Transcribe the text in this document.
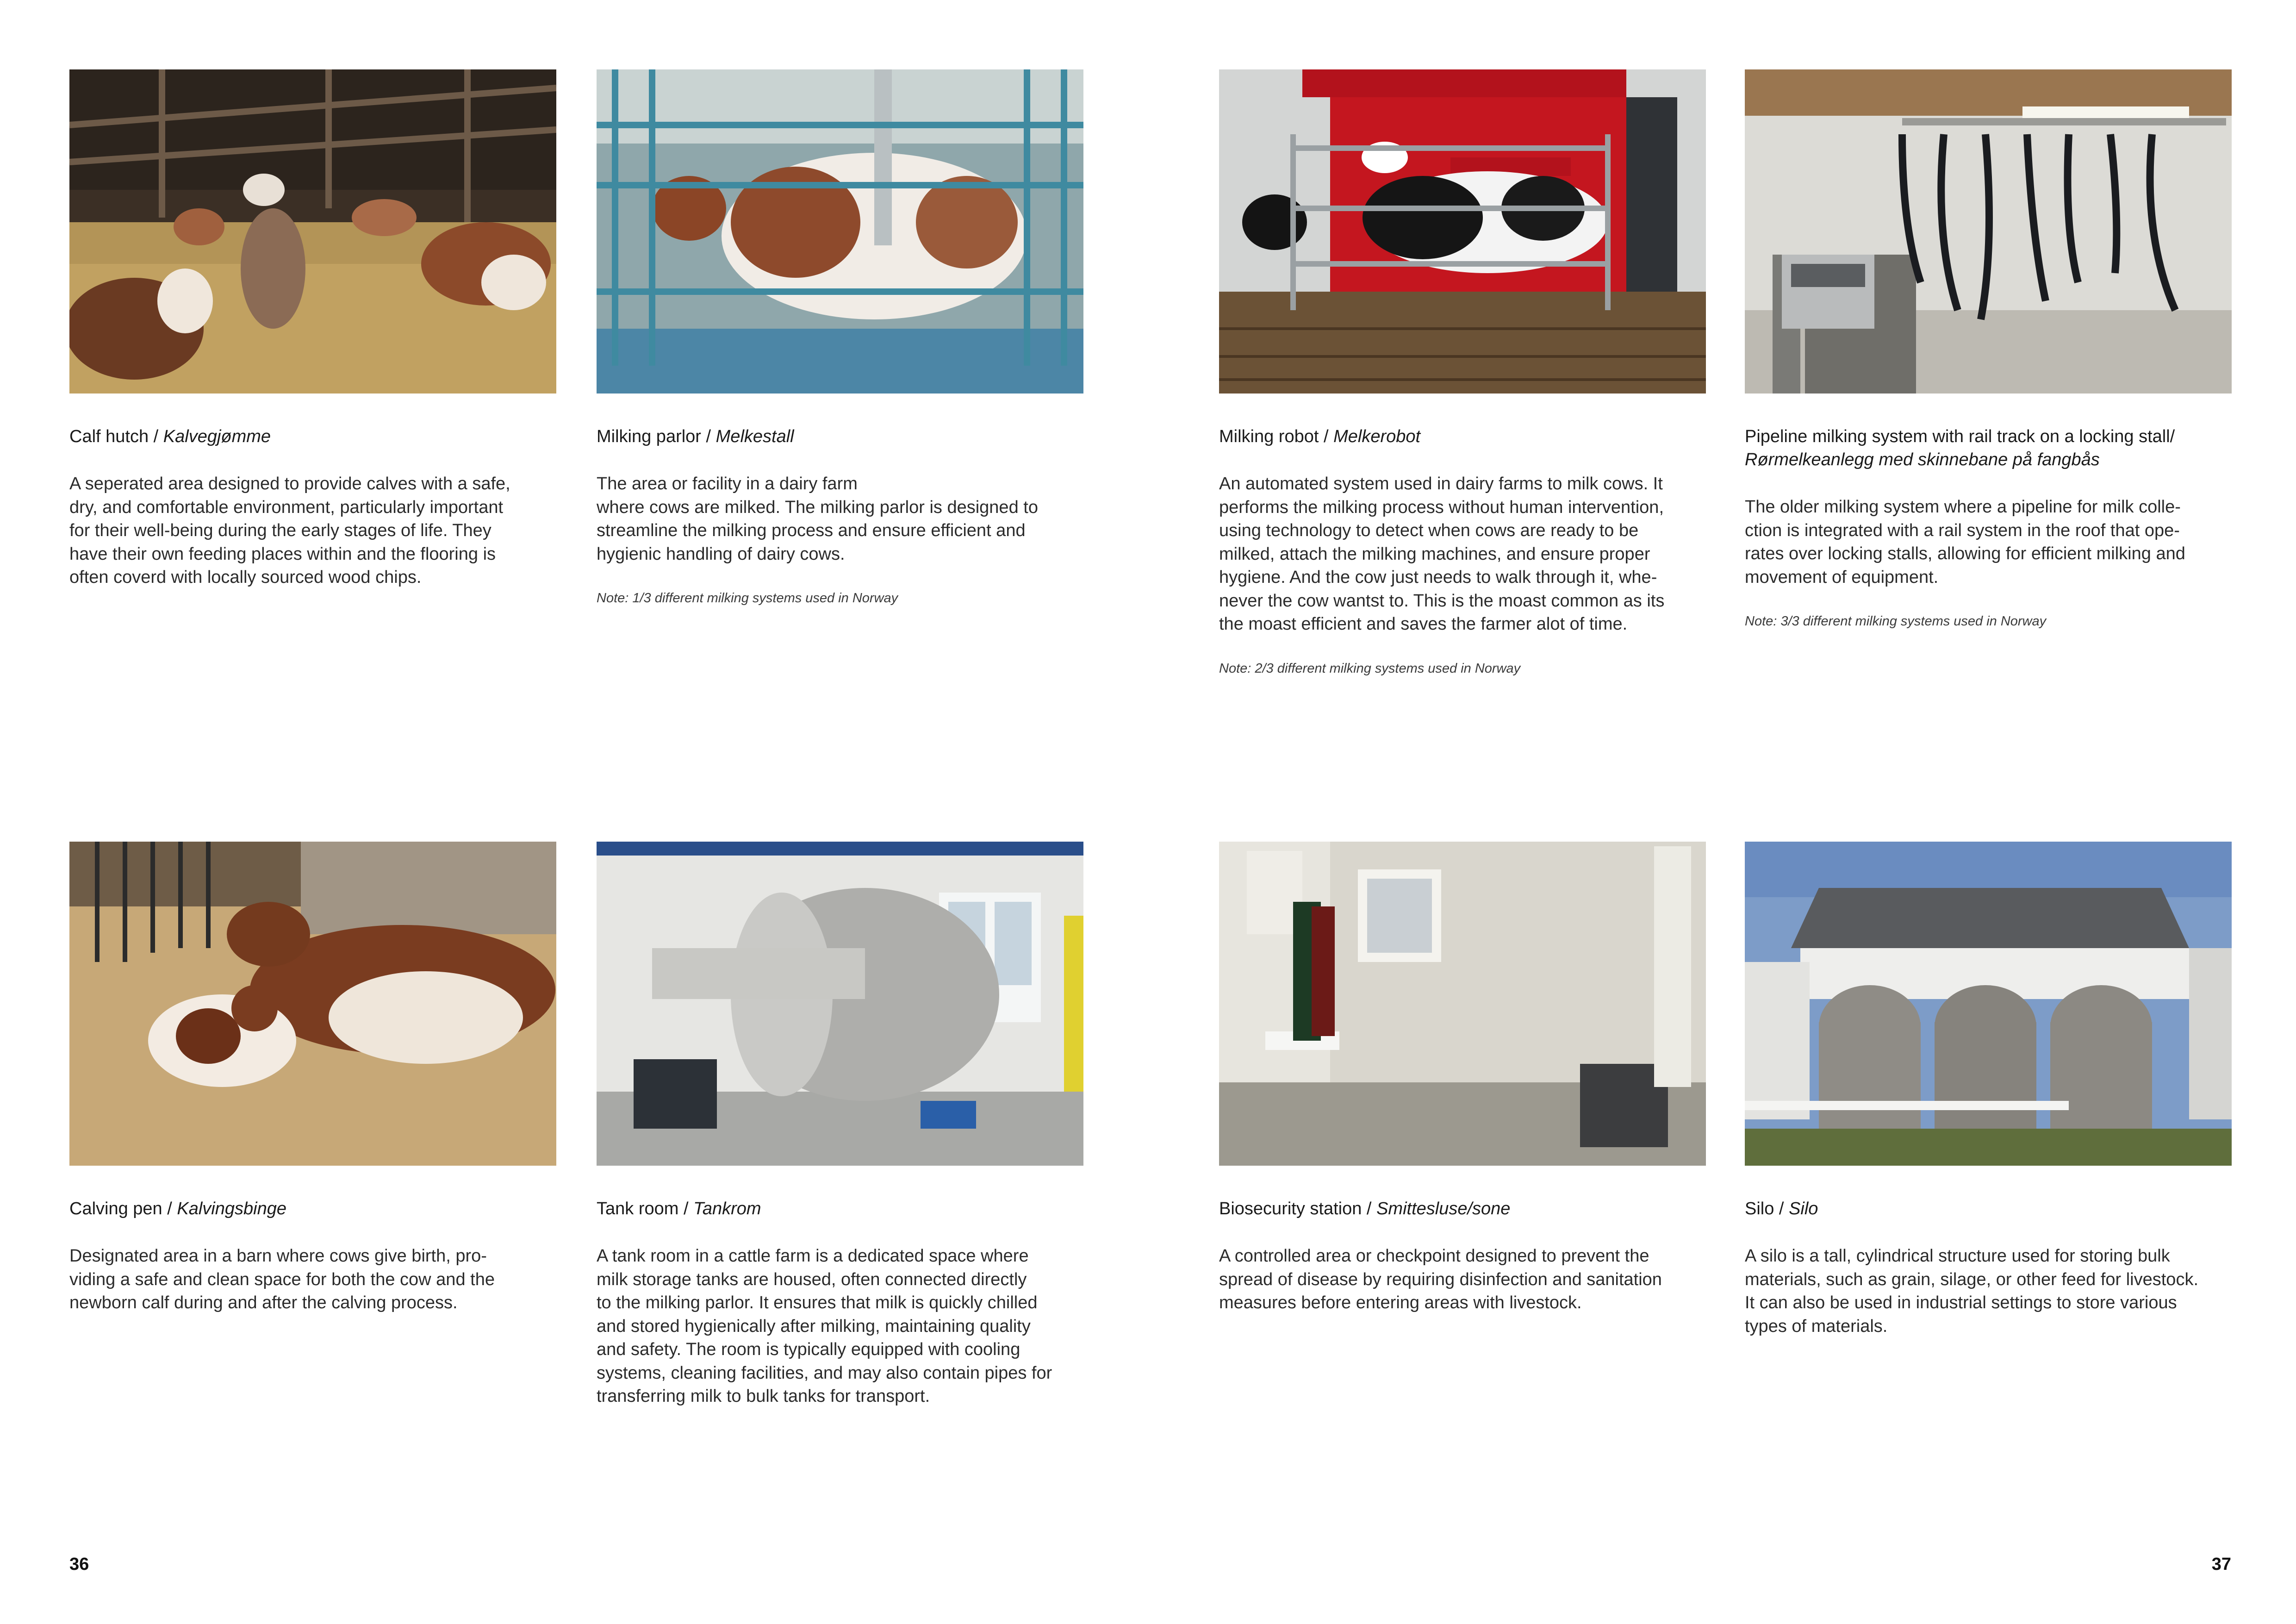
Calf hutch / Kalvegjømme
A seperated area designed to provide calves with a safe,
dry, and comfortable environment, particularly important
for their well-being during the early stages of life. They
have their own feeding places within and the flooring is
often coverd with locally sourced wood chips.
Milking parlor / Melkestall
The area or facility in a dairy farm
where cows are milked. The milking parlor is designed to
streamline the milking process and ensure efficient and
hygienic handling of dairy cows.
Note: 1/3 different milking systems used in Norway
Milking robot / Melkerobot
An automated system used in dairy farms to milk cows. It
performs the milking process without human intervention,
using technology to detect when cows are ready to be
milked, attach the milking machines, and ensure proper
hygiene. And the cow just needs to walk through it, whe-
never the cow wantst to. This is the moast common as its
the moast efficient and saves the farmer alot of time.
Note: 2/3 different milking systems used in Norway
Pipeline milking system with rail track on a locking stall/
Rørmelkeanlegg med skinnebane på fangbås
The older milking system where a pipeline for milk colle-
ction is integrated with a rail system in the roof that ope-
rates over locking stalls, allowing for efficient milking and
movement of equipment.
Note: 3/3 different milking systems used in Norway
Calving pen / Kalvingsbinge
Designated area in a barn where cows give birth, pro-
viding a safe and clean space for both the cow and the
newborn calf during and after the calving process.
Tank room / Tankrom
A tank room in a cattle farm is a dedicated space where
milk storage tanks are housed, often connected directly
to the milking parlor. It ensures that milk is quickly chilled
and stored hygienically after milking, maintaining quality
and safety. The room is typically equipped with cooling
systems, cleaning facilities, and may also contain pipes for
transferring milk to bulk tanks for transport.
Biosecurity station / Smittesluse/sone
A controlled area or checkpoint designed to prevent the
spread of disease by requiring disinfection and sanitation
measures before entering areas with livestock.
Silo / Silo
A silo is a tall, cylindrical structure used for storing bulk
materials, such as grain, silage, or other feed for livestock.
It can also be used in industrial settings to store various
types of materials.
36	37
